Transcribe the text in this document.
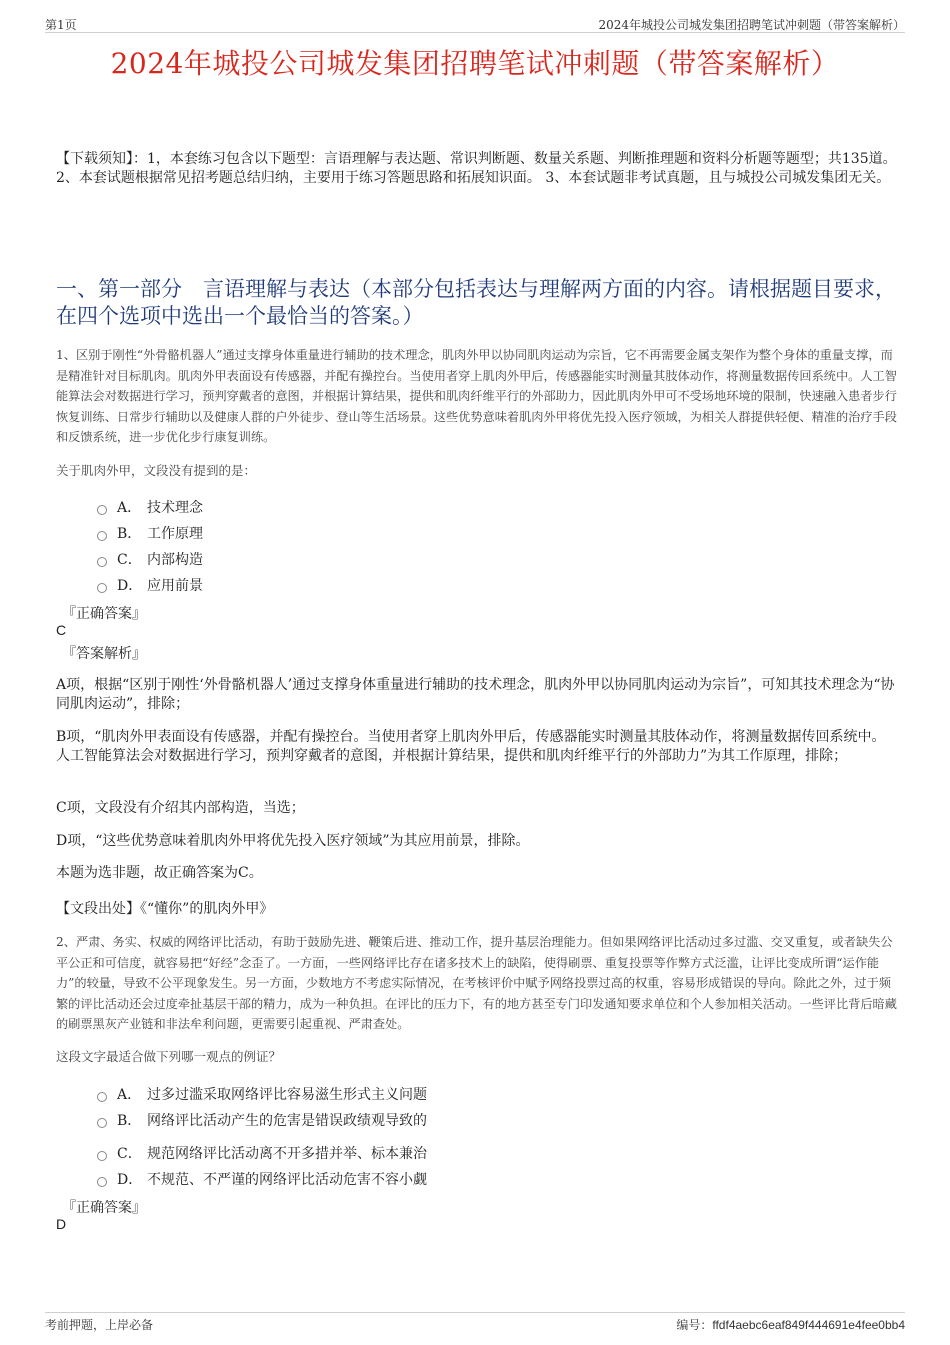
第1页	2024年城投公司城发集团招聘笔试冲刺题（带答案解析）
2024年城投公司城发集团招聘笔试冲刺题（带答案解析）
【下载须知】：1，本套练习包含以下题型：言语理解与表达题、常识判断题、数量关系题、判断推理题和资料分析题等题型；共135道。 2、本套试题根据常见招考题总结归纳，主要用于练习答题思路和拓展知识面。 3、本套试题非考试真题，且与城投公司城发集团无关。
一、第一部分　言语理解与表达（本部分包括表达与理解两方面的内容。请根据题目要求，在四个选项中选出一个最恰当的答案。）
1、区别于刚性“外骨骼机器人”通过支撑身体重量进行辅助的技术理念，肌肉外甲以协同肌肉运动为宗旨，它不再需要金属支架作为整个身体的重量支撑，而是精准针对目标肌肉。肌肉外甲表面设有传感器，并配有操控台。当使用者穿上肌肉外甲后，传感器能实时测量其肢体动作，将测量数据传回系统中。人工智能算法会对数据进行学习，预判穿戴者的意图，并根据计算结果，提供和肌肉纤维平行的外部助力，因此肌肉外甲可不受场地环境的限制，快速融入患者步行恢复训练、日常步行辅助以及健康人群的户外徒步、登山等生活场景。这些优势意味着肌肉外甲将优先投入医疗领域，为相关人群提供轻便、精准的治疗手段和反馈系统，进一步优化步行康复训练。
关于肌肉外甲，文段没有提到的是：
A． 技术理念
B． 工作原理
C． 内部构造
D． 应用前景
『正确答案』
C
『答案解析』
A项，根据“区别于刚性‘外骨骼机器人’通过支撑身体重量进行辅助的技术理念，肌肉外甲以协同肌肉运动为宗旨”，可知其技术理念为“协同肌肉运动”，排除；
B项，“肌肉外甲表面设有传感器，并配有操控台。当使用者穿上肌肉外甲后，传感器能实时测量其肢体动作，将测量数据传回系统中。人工智能算法会对数据进行学习，预判穿戴者的意图，并根据计算结果，提供和肌肉纤维平行的外部助力”为其工作原理，排除；
C项，文段没有介绍其内部构造，当选；
D项，“这些优势意味着肌肉外甲将优先投入医疗领域”为其应用前景，排除。
本题为选非题，故正确答案为C。
【文段出处】《“懂你”的肌肉外甲》
2、严肃、务实、权威的网络评比活动，有助于鼓励先进、鞭策后进、推动工作，提升基层治理能力。但如果网络评比活动过多过滥、交叉重复，或者缺失公平公正和可信度，就容易把“好经”念歪了。一方面，一些网络评比存在诸多技术上的缺陷，使得刷票、重复投票等作弊方式泛滥，让评比变成所谓“运作能力”的较量，导致不公平现象发生。另一方面，少数地方不考虑实际情况，在考核评价中赋予网络投票过高的权重，容易形成错误的导向。除此之外，过于频繁的评比活动还会过度牵扯基层干部的精力，成为一种负担。在评比的压力下，有的地方甚至专门印发通知要求单位和个人参加相关活动。一些评比背后暗藏的刷票黑灰产业链和非法牟利问题，更需要引起重视、严肃查处。
这段文字最适合做下列哪一观点的例证？
A． 过多过滥采取网络评比容易滋生形式主义问题
B． 网络评比活动产生的危害是错误政绩观导致的
C． 规范网络评比活动离不开多措并举、标本兼治
D． 不规范、不严谨的网络评比活动危害不容小觑
『正确答案』
D
考前押题，上岸必备	编号：ffdf4aebc6eaf849f444691e4fee0bb4
